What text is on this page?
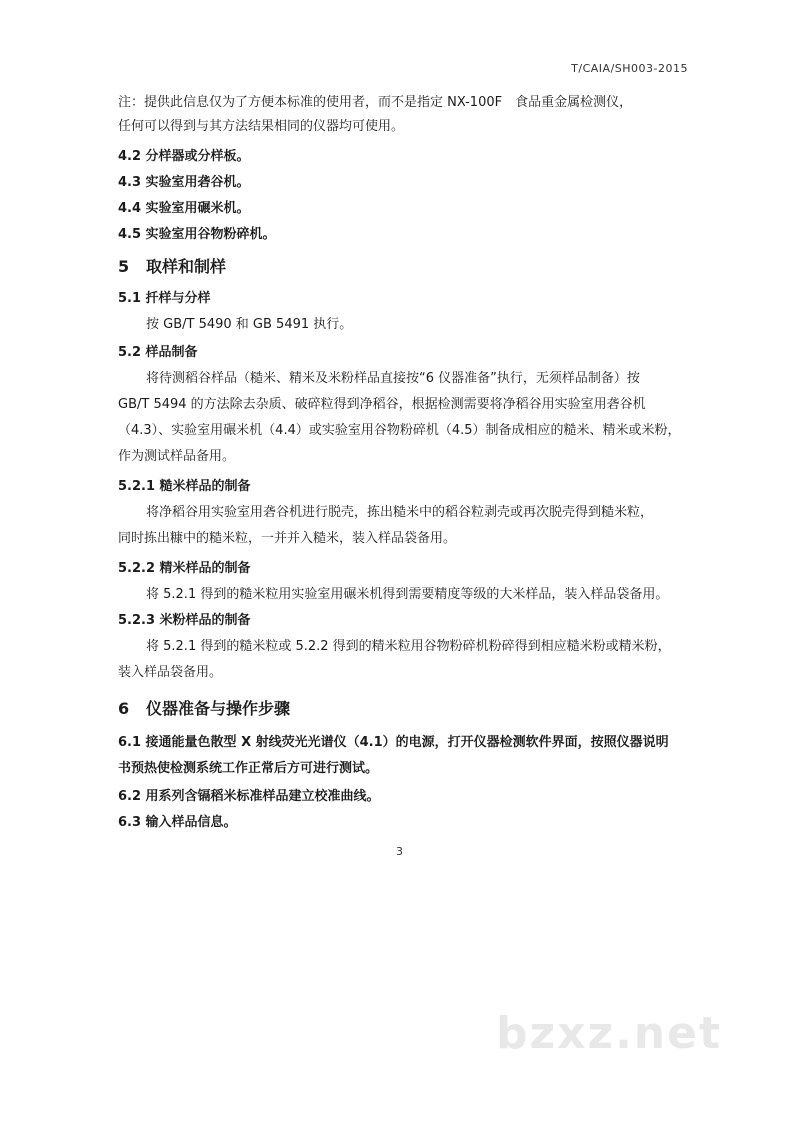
T/CAIA/SH003-2015
注：提供此信息仅为了方便本标准的使用者，而不是指定 NX-100F　食品重金属检测仪，
任何可以得到与其方法结果相同的仪器均可使用。
4.2 分样器或分样板。
4.3 实验室用砻谷机。
4.4 实验室用碾米机。
4.5 实验室用谷物粉碎机。
5 取样和制样
5.1 扦样与分样
按 GB/T 5490 和 GB 5491 执行。
5.2 样品制备
将待测稻谷样品（糙米、精米及米粉样品直接按“6 仪器准备”执行，无须样品制备）按
GB/T 5494 的方法除去杂质、破碎粒得到净稻谷，根据检测需要将净稻谷用实验室用砻谷机
（4.3）、实验室用碾米机（4.4）或实验室用谷物粉碎机（4.5）制备成相应的糙米、精米或米粉，
作为测试样品备用。
5.2.1 糙米样品的制备
将净稻谷用实验室用砻谷机进行脱壳，拣出糙米中的稻谷粒剥壳或再次脱壳得到糙米粒，
同时拣出糠中的糙米粒，一并并入糙米，装入样品袋备用。
5.2.2 精米样品的制备
将 5.2.1 得到的糙米粒用实验室用碾米机得到需要精度等级的大米样品，装入样品袋备用。
5.2.3 米粉样品的制备
将 5.2.1 得到的糙米粒或 5.2.2 得到的精米粒用谷物粉碎机粉碎得到相应糙米粉或精米粉，
装入样品袋备用。
6 仪器准备与操作步骤
6.1 接通能量色散型 X 射线荧光光谱仪（4.1）的电源，打开仪器检测软件界面，按照仪器说明
书预热使检测系统工作正常后方可进行测试。
6.2 用系列含镉稻米标准样品建立校准曲线。
6.3 输入样品信息。
3
bzxz.net
